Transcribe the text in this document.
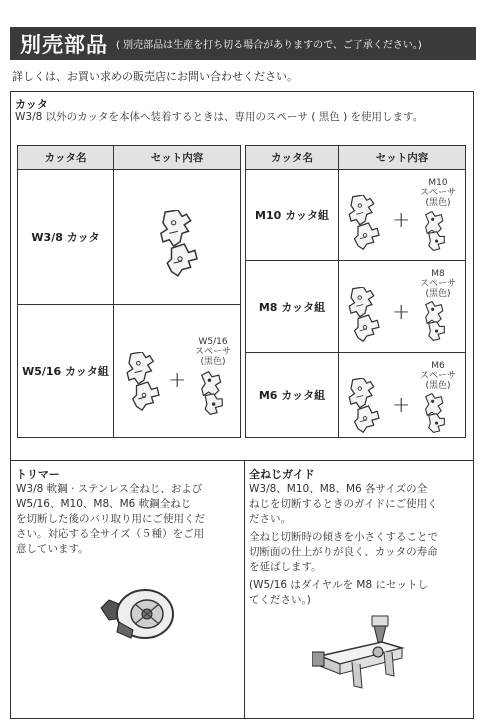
別売部品 ( 別売部品は生産を打ち切る場合がありますので、ご了承ください。)
詳しくは、お買い求めの販売店にお問い合わせください。
カッタ
W3/8 以外のカッタを本体へ装着するときは、専用のスペーサ ( 黒色 ) を使用します。
カッタ名	セット内容
W3/8 カッタ
W5/16 カッタ組
カッタ名	セット内容
M10 カッタ組
M8 カッタ組
M6 カッタ組
+
W5/16
スペーサ
(黒色)
+
M10
スペーサ
(黒色)
+
M8
スペーサ
(黒色)
+
M6
スペーサ
(黒色)
トリマー
W3/8 軟鋼 · ステンレス全ねじ、および
W5/16、M10、M8、M6 軟鋼全ねじ
を切断した後のバリ取り用にご使用くだ
さい。対応する全サイズ（５種）をご用
意しています。
全ねじガイド
W3/8、M10、M8、M6 各サイズの全
ねじを切断するときのガイドにご使用く
ださい。
全ねじ切断時の傾きを小さくすることで
切断面の仕上がりが良く、カッタの寿命
を延ばします。
(W5/16 はダイヤルを M8 にセットし
てください。)
